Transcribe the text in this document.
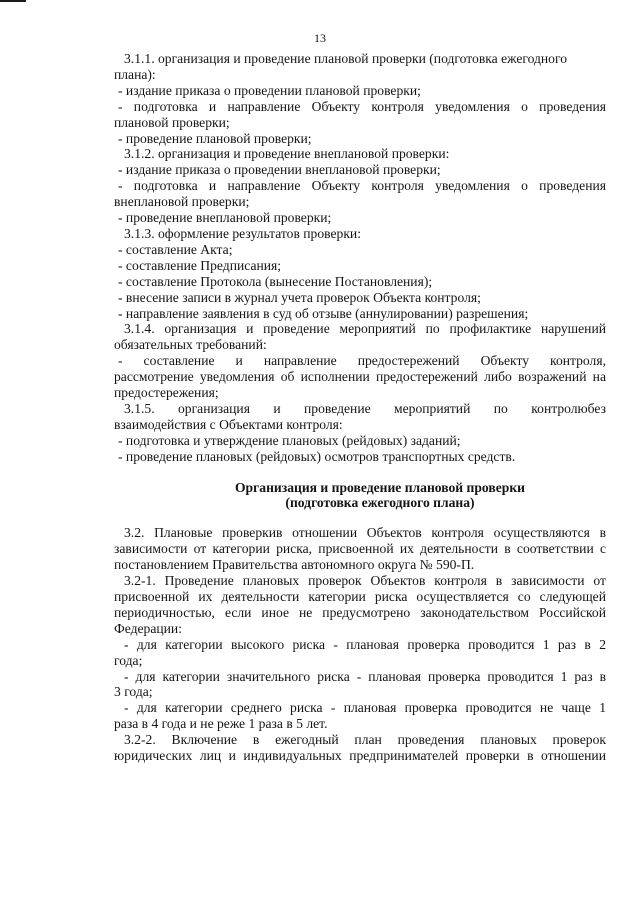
13

3.1.1. организация и проведение плановой проверки (подготовка ежегодного

плана):

- издание приказа о проведении плановой проверки;

- подготовка и направление Объекту контроля уведомления о проведения

плановой проверки;

- проведение плановой проверки;

3.1.2. организация и проведение внеплановой проверки:

- издание приказа о проведении внеплановой проверки;

- подготовка и направление Объекту контроля уведомления о проведения

внеплановой проверки;

- проведение внеплановой проверки;

3.1.3. оформление результатов проверки:

- составление Акта;

- составление Предписания;

- составление Протокола (вынесение Постановления);

- внесение записи в журнал учета проверок Объекта контроля;

- направление заявления в суд об отзыве (аннулировании) разрешения;

3.1.4. организация и проведение мероприятий по профилактике нарушений

обязательных требований:

- составление и направление предостережений Объекту контроля,

рассмотрение уведомления об исполнении предостережений либо возражений на

предостережения;

3.1.5. организация и проведение мероприятий по контролюбез

взаимодействия с Объектами контроля:

- подготовка и утверждение плановых (рейдовых) заданий;

- проведение плановых (рейдовых) осмотров транспортных средств.

Организация и проведение плановой проверки

(подготовка ежегодного плана)

3.2. Плановые проверкив отношении Объектов контроля осуществляются в

зависимости от категории риска, присвоенной их деятельности в соответствии с

постановлением Правительства автономного округа № 590-П.

3.2-1. Проведение плановых проверок Объектов контроля в зависимости от

присвоенной их деятельности категории риска осуществляется со следующей

периодичностью, если иное не предусмотрено законодательством Российской

Федерации:

- для категории высокого риска - плановая проверка проводится 1 раз в 2

года;

- для категории значительного риска - плановая проверка проводится 1 раз в

3 года;

- для категории среднего риска - плановая проверка проводится не чаще 1

раза в 4 года и не реже 1 раза в 5 лет.

3.2-2. Включение в ежегодный план проведения плановых проверок

юридических лиц и индивидуальных предпринимателей проверки в отношении
